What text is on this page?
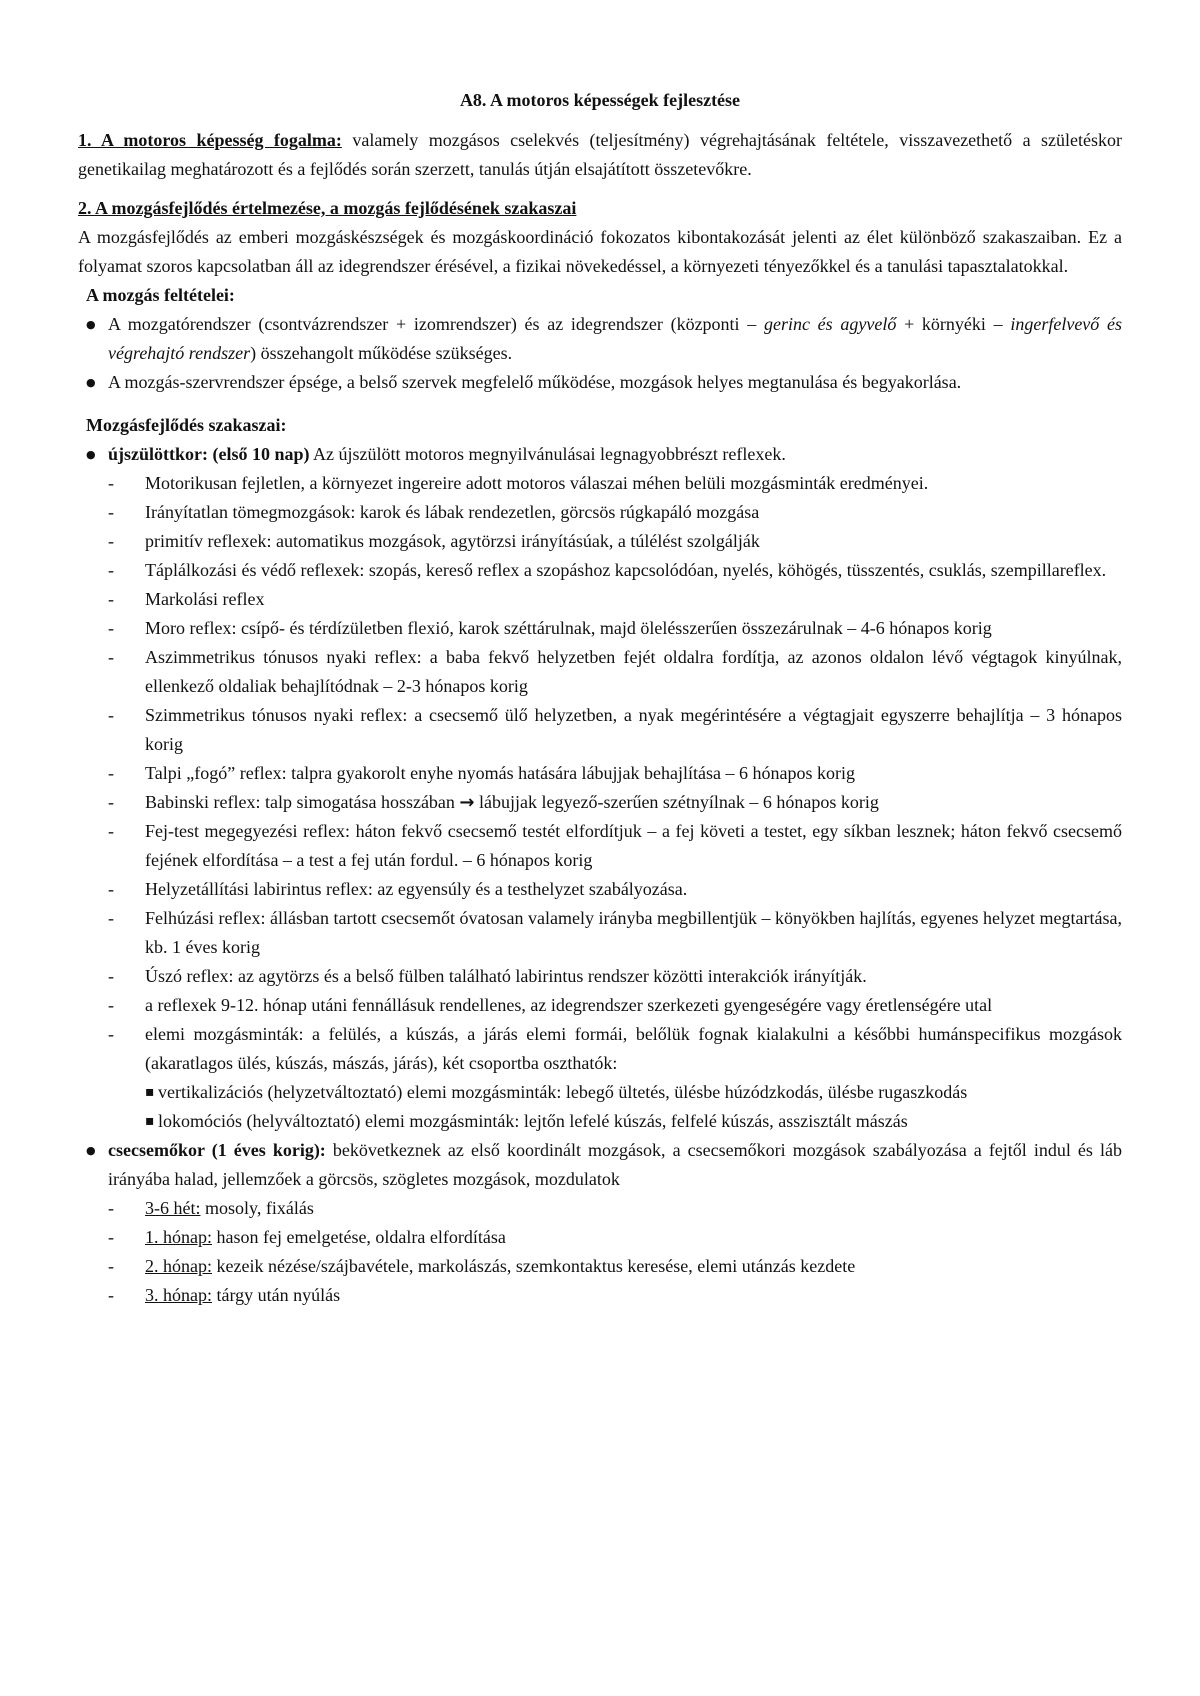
A8. A motoros képességek fejlesztése

1. A motoros képesség fogalma: valamely mozgásos cselekvés (teljesítmény) végrehajtásának feltétele, visszavezethető a születéskor genetikailag meghatározott és a fejlődés során szerzett, tanulás útján elsajátított összetevőkre.

2. A mozgásfejlődés értelmezése, a mozgás fejlődésének szakaszai

A mozgásfejlődés az emberi mozgáskészségek és mozgáskoordináció fokozatos kibontakozását jelenti az élet különböző szakaszaiban. Ez a folyamat szoros kapcsolatban áll az idegrendszer érésével, a fizikai növekedéssel, a környezeti tényezőkkel és a tanulási tapasztalatokkal.

A mozgás feltételei:

● A mozgatórendszer (csontvázrendszer + izomrendszer) és az idegrendszer (központi – gerinc és agyvelő + környéki – ingerfelvevő és végrehajtó rendszer) összehangolt működése szükséges.
● A mozgás-szervrendszer épsége, a belső szervek megfelelő működése, mozgások helyes megtanulása és begyakorlása.

Mozgásfejlődés szakaszai:

● újszülöttkor: (első 10 nap) Az újszülött motoros megnyilvánulásai legnagyobbrészt reflexek.
- Motorikusan fejletlen, a környezet ingereire adott motoros válaszai méhen belüli mozgásminták eredményei.
- Irányítatlan tömegmozgások: karok és lábak rendezetlen, görcsös rúgkapáló mozgása
- primitív reflexek: automatikus mozgások, agytörzsi irányításúak, a túlélést szolgálják
- Táplálkozási és védő reflexek: szopás, kereső reflex a szopáshoz kapcsolódóan, nyelés, köhögés, tüsszentés, csuklás, szempillareflex.
- Markolási reflex
- Moro reflex: csípő- és térdízületben flexió, karok széttárulnak, majd ölelésszerűen összezárulnak – 4-6 hónapos korig
- Aszimmetrikus tónusos nyaki reflex: a baba fekvő helyzetben fejét oldalra fordítja, az azonos oldalon lévő végtagok kinyúlnak, ellenkező oldaliak behajlítódnak – 2-3 hónapos korig
- Szimmetrikus tónusos nyaki reflex: a csecsemő ülő helyzetben, a nyak megérintésére a végtagjait egyszerre behajlítja – 3 hónapos korig
- Talpi „fogó” reflex: talpra gyakorolt enyhe nyomás hatására lábujjak behajlítása – 6 hónapos korig
- Babinski reflex: talp simogatása hosszában → lábujjak legyező-szerűen szétnyílnak – 6 hónapos korig
- Fej-test megegyezési reflex: háton fekvő csecsemő testét elfordítjuk – a fej követi a testet, egy síkban lesznek; háton fekvő csecsemő fejének elfordítása – a test a fej után fordul. – 6 hónapos korig
- Helyzetállítási labirintus reflex: az egyensúly és a testhelyzet szabályozása.
- Felhúzási reflex: állásban tartott csecsemőt óvatosan valamely irányba megbillentjük – könyökben hajlítás, egyenes helyzet megtartása, kb. 1 éves korig
- Úszó reflex: az agytörzs és a belső fülben található labirintus rendszer közötti interakciók irányítják.
- a reflexek 9-12. hónap utáni fennállásuk rendellenes, az idegrendszer szerkezeti gyengeségére vagy éretlenségére utal
- elemi mozgásminták: a felülés, a kúszás, a járás elemi formái, belőlük fognak kialakulni a későbbi humánspecifikus mozgások (akaratlagos ülés, kúszás, mászás, járás), két csoportba oszthatók:
▪ vertikalizációs (helyzetváltoztató) elemi mozgásminták: lebegő ültetés, ülésbe húzódzkodás, ülésbe rugaszkodás
▪ lokomóciós (helyváltoztató) elemi mozgásminták: lejtőn lefelé kúszás, felfelé kúszás, asszisztált mászás
● csecsemőkor (1 éves korig): bekövetkeznek az első koordinált mozgások, a csecsemőkori mozgások szabályozása a fejtől indul és láb irányába halad, jellemzőek a görcsös, szögletes mozgások, mozdulatok
- 3-6 hét: mosoly, fixálás
- 1. hónap: hason fej emelgetése, oldalra elfordítása
- 2. hónap: kezeik nézése/szájbavétele, markolászás, szemkontaktus keresése, elemi utánzás kezdete
- 3. hónap: tárgy után nyúlás
